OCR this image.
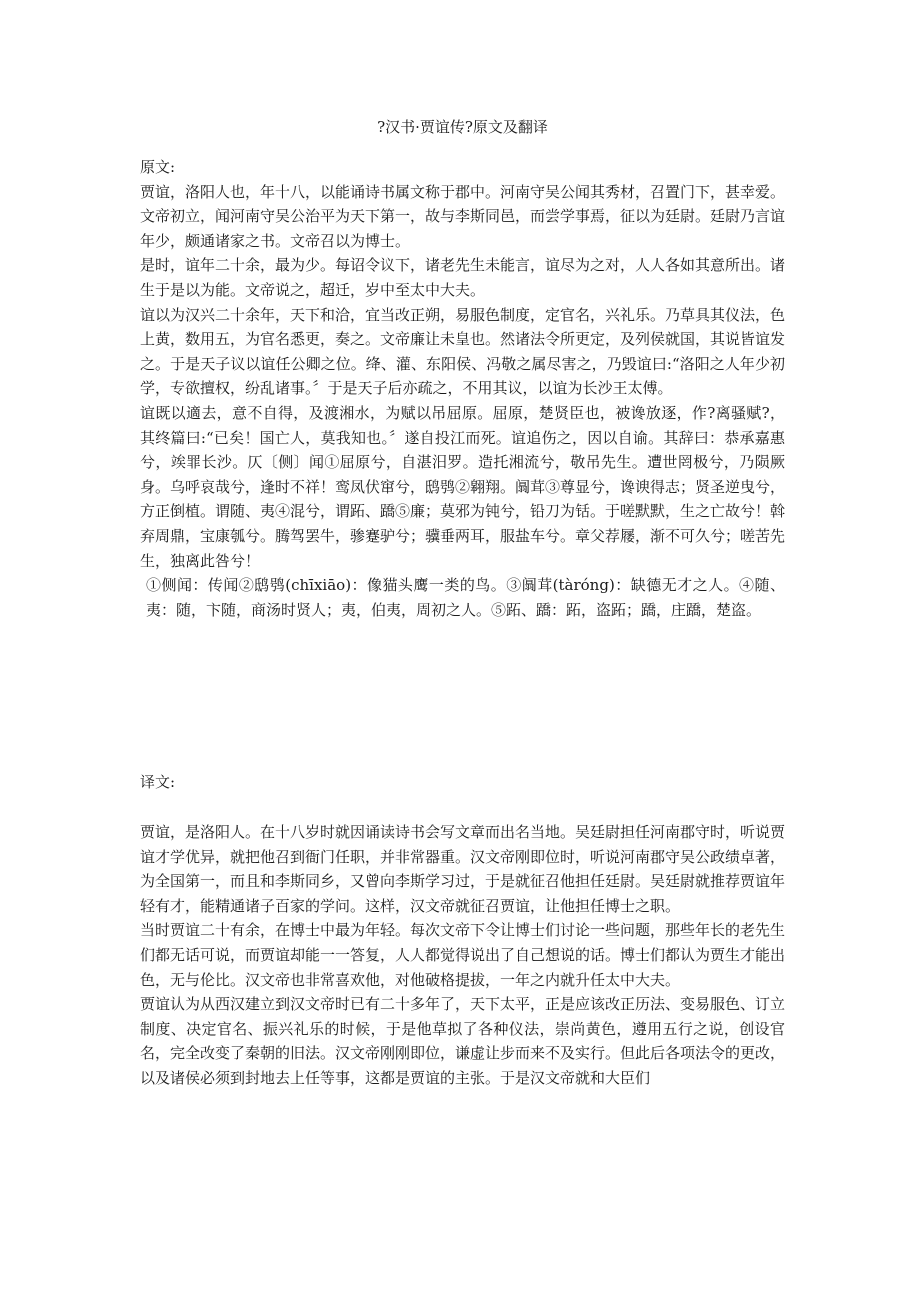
?汉书·贾谊传?原文及翻译

原文:

贾谊，洛阳人也，年十八，以能诵诗书属文称于郡中。河南守吴公闻其秀材，召置门下，甚幸爱。文帝初立，闻河南守吴公治平为天下第一，故与李斯同邑，而尝学事焉，征以为廷尉。廷尉乃言谊年少，颇通诸家之书。文帝召以为博士。

是时，谊年二十余，最为少。每诏令议下，诸老先生未能言，谊尽为之对，人人各如其意所出。诸生于是以为能。文帝说之，超迁，岁中至太中大夫。

谊以为汉兴二十余年，天下和洽，宜当改正朔，易服色制度，定官名，兴礼乐。乃草具其仪法，色上黄，数用五，为官名悉更，奏之。文帝廉让未皇也。然诸法令所更定，及列侯就国，其说皆谊发之。于是天子议以谊任公卿之位。绛、灌、东阳侯、冯敬之属尽害之，乃毁谊曰:“洛阳之人年少初学，专欲擅权，纷乱诸事。〞于是天子后亦疏之，不用其议，以谊为长沙王太傅。

谊既以適去，意不自得，及渡湘水，为赋以吊屈原。屈原，楚贤臣也，被谗放逐，作?离骚赋?，其终篇曰:“已矣！国亡人，莫我知也。〞遂自投江而死。谊追伤之，因以自谕。其辞曰：恭承嘉惠兮，竢罪长沙。仄〔侧〕闻①屈原兮，自湛汨罗。造托湘流兮，敬吊先生。遭世罔极兮，乃陨厥身。乌呼哀哉兮，逢时不祥！鸾凤伏窜兮，鸱鸮②翱翔。阘茸③尊显兮，谗谀得志；贤圣逆曳兮，方正倒植。谓随、夷④混兮，谓跖、蹻⑤廉；莫邪为钝兮，铅刀为铦。于嗟默默，生之亡故兮！斡弃周鼎，宝康瓠兮。腾驾罢牛，骖蹇驴兮；骥垂两耳，服盐车兮。章父荐屦，渐不可久兮；嗟苦先生，独离此咎兮！

①侧闻：传闻②鸱鸮(chīxiāo)：像猫头鹰一类的鸟。③阘茸(tàróng)：缺德无才之人。④随、夷：随，卞随，商汤时贤人；夷，伯夷，周初之人。⑤跖、蹻：跖，盗跖；蹻，庄蹻，楚盗。

译文:

贾谊，是洛阳人。在十八岁时就因诵读诗书会写文章而出名当地。吴廷尉担任河南郡守时，听说贾谊才学优异，就把他召到衙门任职，并非常器重。汉文帝刚即位时，听说河南郡守吴公政绩卓著，为全国第一，而且和李斯同乡，又曾向李斯学习过，于是就征召他担任廷尉。吴廷尉就推荐贾谊年轻有才，能精通诸子百家的学问。这样，汉文帝就征召贾谊，让他担任博士之职。

当时贾谊二十有余，在博士中最为年轻。每次文帝下令让博士们讨论一些问题，那些年长的老先生们都无话可说，而贾谊却能一一答复，人人都觉得说出了自己想说的话。博士们都认为贾生才能出色，无与伦比。汉文帝也非常喜欢他，对他破格提拔，一年之内就升任太中大夫。

贾谊认为从西汉建立到汉文帝时已有二十多年了，天下太平，正是应该改正历法、变易服色、订立制度、决定官名、振兴礼乐的时候，于是他草拟了各种仪法，崇尚黄色，遵用五行之说，创设官名，完全改变了秦朝的旧法。汉文帝刚刚即位，谦虚让步而来不及实行。但此后各项法令的更改，以及诸侯必须到封地去上任等事，这都是贾谊的主张。于是汉文帝就和大臣们
